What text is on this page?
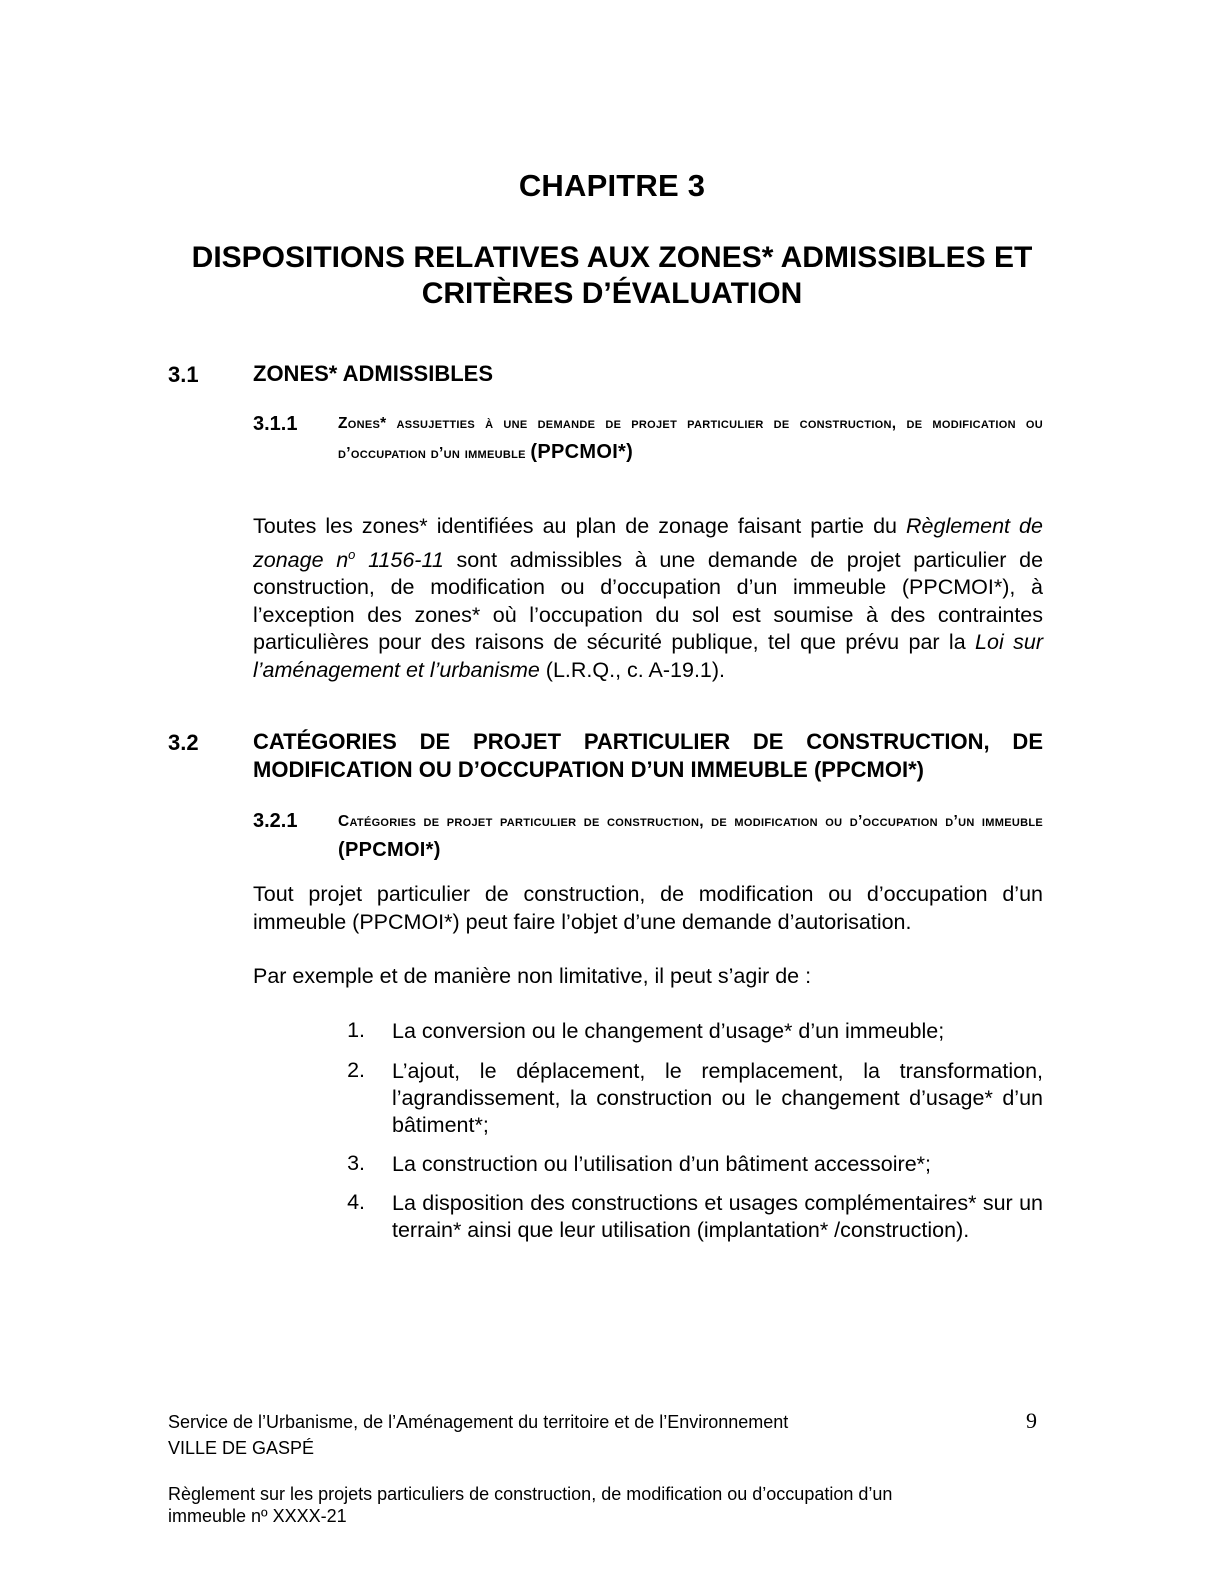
CHAPITRE 3
DISPOSITIONS RELATIVES AUX ZONES* ADMISSIBLES ET CRITÈRES D’ÉVALUATION
3.1 ZONES* ADMISSIBLES
3.1.1	Zones* assujetties à une demande de projet particulier de construction, de modification ou d’occupation d’un immeuble (PPCMOI*)
Toutes les zones* identifiées au plan de zonage faisant partie du Règlement de zonage $n^o$ 1156-11 sont admissibles à une demande de projet particulier de construction, de modification ou d’occupation d’un immeuble (PPCMOI*), à l’exception des zones* où l’occupation du sol est soumise à des contraintes particulières pour des raisons de sécurité publique, tel que prévu par la Loi sur l’aménagement et l’urbanisme (L.R.Q., c. A-19.1).
3.2 CATÉGORIES DE PROJET PARTICULIER DE CONSTRUCTION, DE MODIFICATION OU D’OCCUPATION D’UN IMMEUBLE (PPCMOI*)
3.2.1	Catégories de projet particulier de construction, de modification ou d’occupation d’un immeuble (PPCMOI*)
Tout projet particulier de construction, de modification ou d’occupation d’un immeuble (PPCMOI*) peut faire l’objet d’une demande d’autorisation.
Par exemple et de manière non limitative, il peut s’agir de :
1. La conversion ou le changement d’usage* d’un immeuble;
2. L’ajout, le déplacement, le remplacement, la transformation, l’agrandissement, la construction ou le changement d’usage* d’un bâtiment*;
3. La construction ou l’utilisation d’un bâtiment accessoire*;
4. La disposition des constructions et usages complémentaires* sur un terrain* ainsi que leur utilisation (implantation* /construction).
Service de l’Urbanisme, de l’Aménagement du territoire et de l’Environnement
VILLE DE GASPÉ
9
Règlement sur les projets particuliers de construction, de modification ou d’occupation d’un
immeuble nº XXXX-21
